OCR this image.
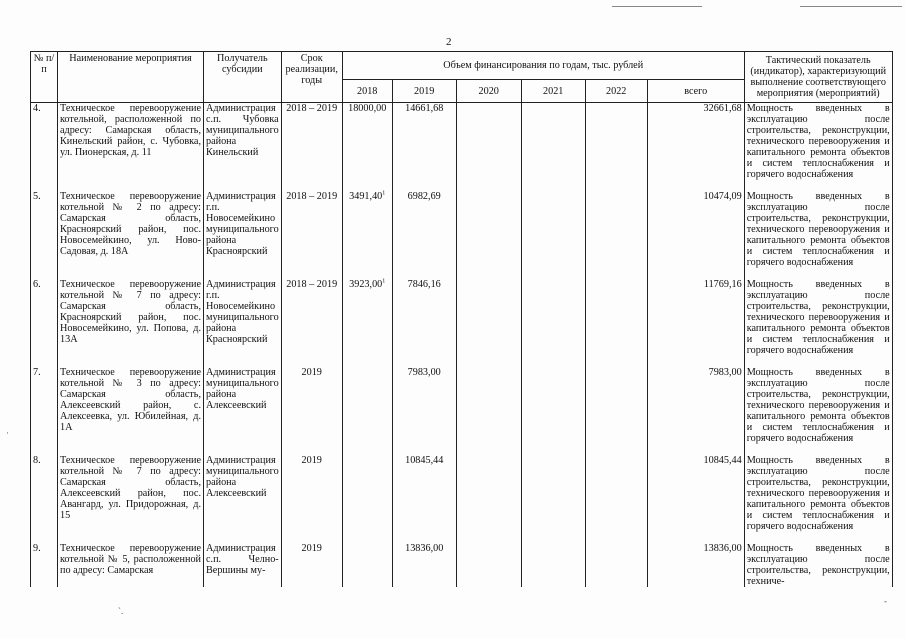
·
`.
-
2
№ п/п	Наименование мероприятия	Получатель субсидии	Срок реализации, годы	Объем финансирования по годам, тыс. рублей						Тактический показатель (индикатор), характеризующий выполнение соответствующего мероприятия (мероприятий)
				2018	2019	2020	2021	2022	всего	
4.	Техническое перевооружение котельной, расположенной по адресу: Самарская область, Кинельский район, с. Чубовка, ул. Пионерская, д. 11	Администрация с.п. Чубовка муниципального района Кинельский	2018 – 2019	18000,00	14661,68				32661,68	Мощность введенных в эксплуатацию после строительства, реконструкции, технического перевооружения и капитального ремонта объектов и систем теплоснабжения и горячего водоснабжения
5.	Техническое перевооружение котельной № 2 по адресу: Самарская область, Красноярский район, пос. Новосемейкино, ул. Ново-Садовая, д. 18А	Администрация г.п. Новосемейкино муниципального района Красноярский	2018 – 2019	3491,40$^1$	6982,69				10474,09	Мощность введенных в эксплуатацию после строительства, реконструкции, технического перевооружения и капитального ремонта объектов и систем теплоснабжения и горячего водоснабжения
6.	Техническое перевооружение котельной № 7 по адресу: Самарская область, Красноярский район, пос. Новосемейкино, ул. Попова, д. 13А	Администрация г.п. Новосемейкино муниципального района Красноярский	2018 – 2019	3923,00$^1$	7846,16				11769,16	Мощность введенных в эксплуатацию после строительства, реконструкции, технического перевооружения и капитального ремонта объектов и систем теплоснабжения и горячего водоснабжения
7.	Техническое перевооружение котельной № 3 по адресу: Самарская область, Алексеевский район, с. Алексеевка, ул. Юбилейная, д. 1А	Администрация муниципального района Алексеевский	2019		7983,00				7983,00	Мощность введенных в эксплуатацию после строительства, реконструкции, технического перевооружения и капитального ремонта объектов и систем теплоснабжения и горячего водоснабжения
8.	Техническое перевооружение котельной № 7 по адресу: Самарская область, Алексеевский район, пос. Авангард, ул. Придорожная, д. 15	Администрация муниципального района Алексеевский	2019		10845,44				10845,44	Мощность введенных в эксплуатацию после строительства, реконструкции, технического перевооружения и капитального ремонта объектов и систем теплоснабжения и горячего водоснабжения
9.	Техническое перевооружение котельной № 5, расположенной по адресу: Самарская	Администрация с.п. Челно-Вершины му-	2019		13836,00				13836,00	Мощность введенных в эксплуатацию после строительства, реконструкции, техниче-
